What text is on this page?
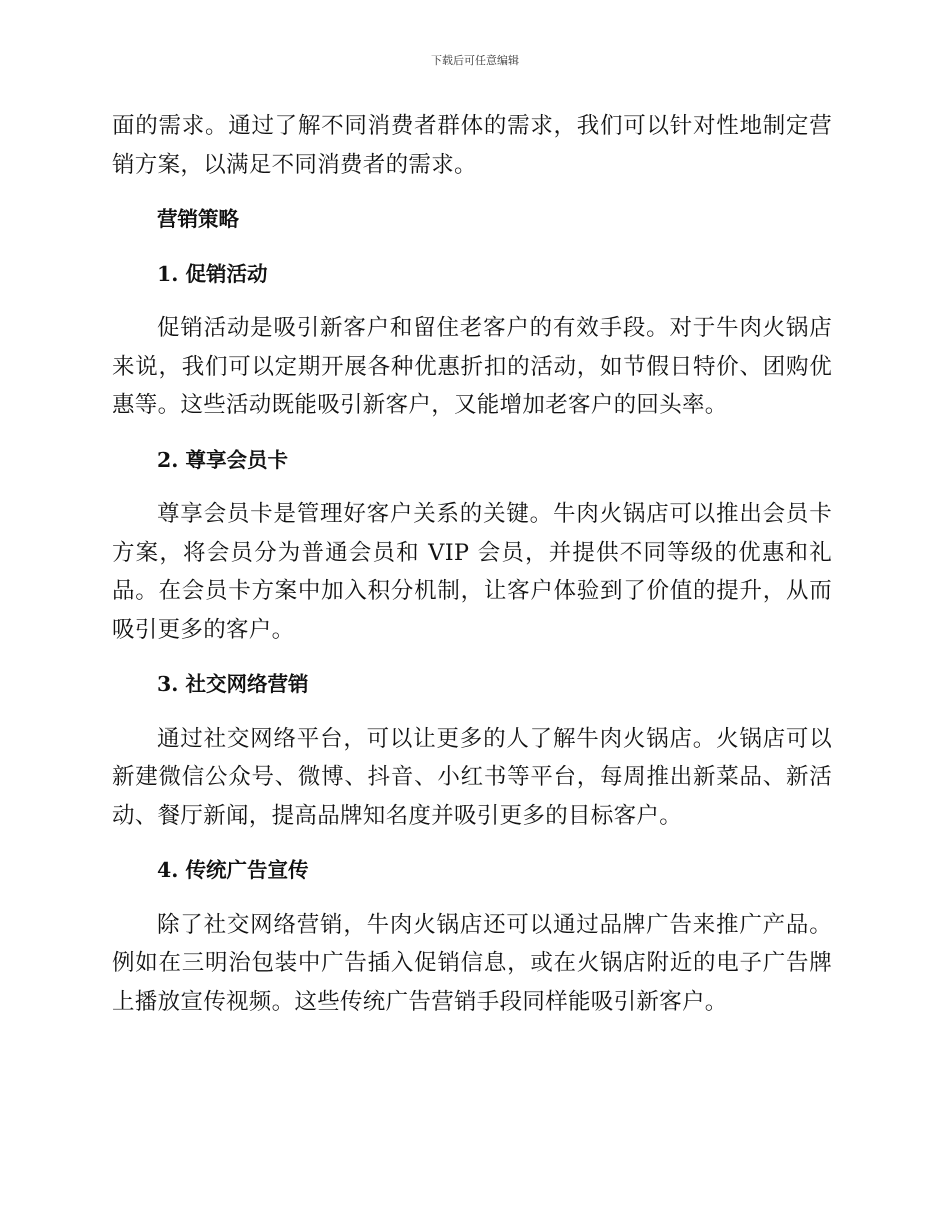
下载后可任意编辑

面的需求。通过了解不同消费者群体的需求，我们可以针对性地制定营销方案，以满足不同消费者的需求。

营销策略
1. 促销活动

促销活动是吸引新客户和留住老客户的有效手段。对于牛肉火锅店来说，我们可以定期开展各种优惠折扣的活动，如节假日特价、团购优惠等。这些活动既能吸引新客户，又能增加老客户的回头率。

2. 尊享会员卡

尊享会员卡是管理好客户关系的关键。牛肉火锅店可以推出会员卡方案，将会员分为普通会员和 VIP 会员，并提供不同等级的优惠和礼品。在会员卡方案中加入积分机制，让客户体验到了价值的提升，从而吸引更多的客户。

3. 社交网络营销

通过社交网络平台，可以让更多的人了解牛肉火锅店。火锅店可以新建微信公众号、微博、抖音、小红书等平台，每周推出新菜品、新活动、餐厅新闻，提高品牌知名度并吸引更多的目标客户。

4. 传统广告宣传

除了社交网络营销，牛肉火锅店还可以通过品牌广告来推广产品。例如在三明治包装中广告插入促销信息，或在火锅店附近的电子广告牌上播放宣传视频。这些传统广告营销手段同样能吸引新客户。
